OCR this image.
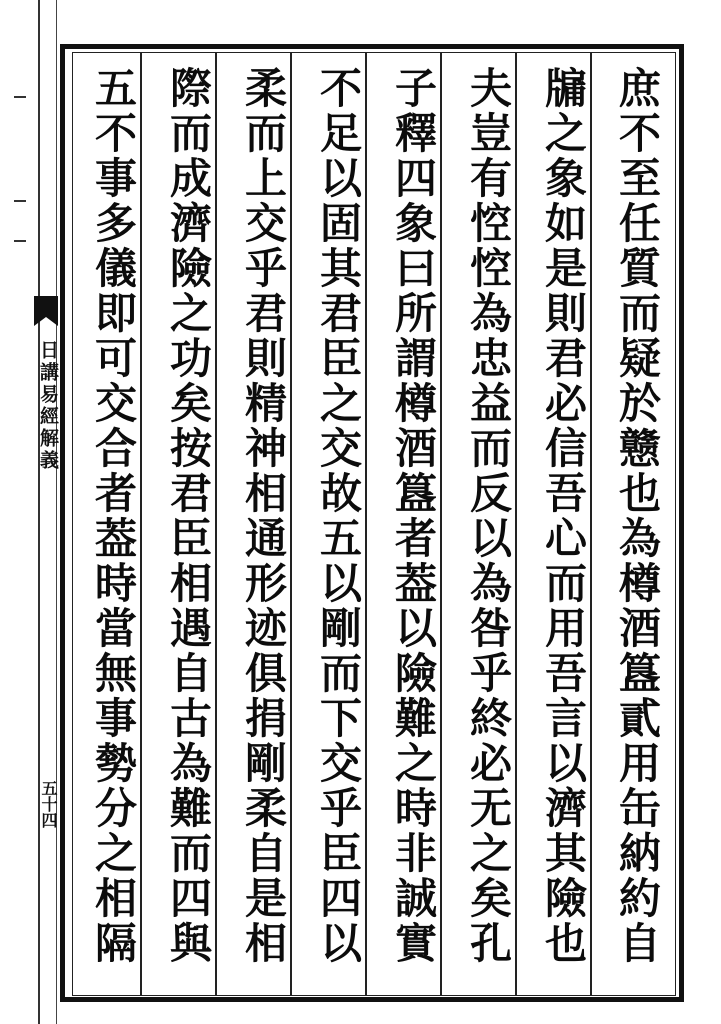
日講易經解義
五十四	庶不至任質而疑於戆也為樽酒簋貳用缶納約自
牖之象如是則君必信吾心而用吾言以濟其險也
夫豈有悾悾為忠益而反以為咎乎終必无之矣孔
子釋四象曰所謂樽酒簋者葢以險難之時非誠實
不足以固其君臣之交故五以剛而下交乎臣四以
柔而上交乎君則精神相通形迹俱捐剛柔自是相
際而成濟險之功矣按君臣相遇自古為難而四與
五不事多儀即可交合者葢時當無事勢分之相隔
